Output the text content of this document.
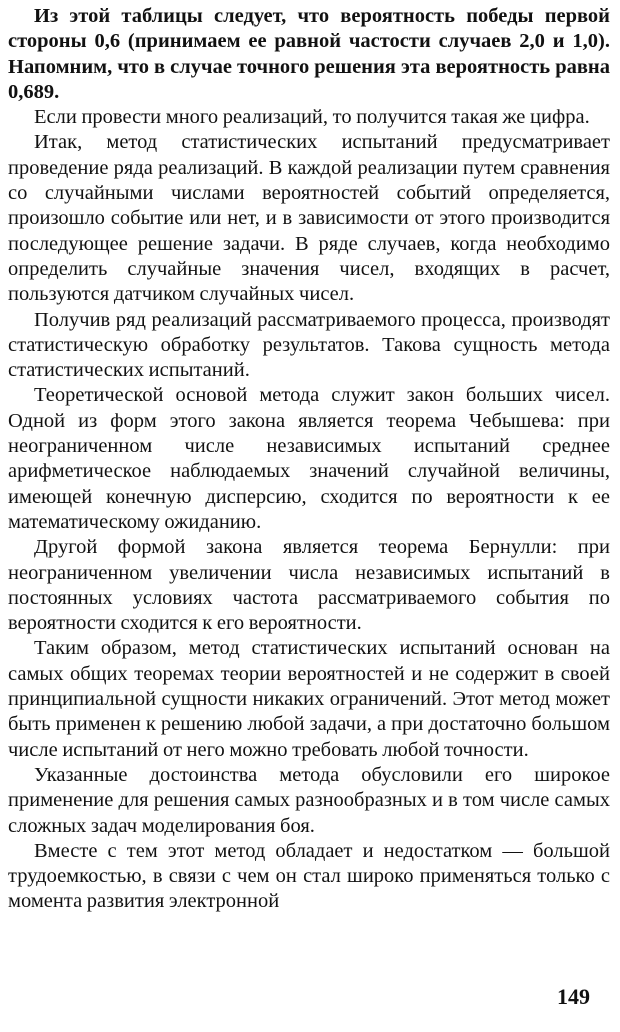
Из этой таблицы следует, что вероятность победы первой стороны 0,6 (принимаем ее равной частости случаев 2,0 и 1,0). Напомним, что в случае точного решения эта вероятность равна 0,689.

Если провести много реализаций, то получится такая же цифра.

Итак, метод статистических испытаний предусматривает проведение ряда реализаций. В каждой реализации путем сравнения со случайными числами вероятностей событий определяется, произошло событие или нет, и в зависимости от этого производится последующее решение задачи. В ряде случаев, когда необходимо определить случайные значения чисел, входящих в расчет, пользуются датчиком случайных чисел.

Получив ряд реализаций рассматриваемого процесса, производят статистическую обработку результатов. Такова сущность метода статистических испытаний.

Теоретической основой метода служит закон больших чисел. Одной из форм этого закона является теорема Чебышева: при неограниченном числе независимых испытаний среднее арифметическое наблюдаемых значений случайной величины, имеющей конечную дисперсию, сходится по вероятности к ее математическому ожиданию.

Другой формой закона является теорема Бернулли: при неограниченном увеличении числа независимых испытаний в постоянных условиях частота рассматриваемого события по вероятности сходится к его вероятности.

Таким образом, метод статистических испытаний основан на самых общих теоремах теории вероятностей и не содержит в своей принципиальной сущности никаких ограничений. Этот метод может быть применен к решению любой задачи, а при достаточно большом числе испытаний от него можно требовать любой точности.

Указанные достоинства метода обусловили его широкое применение для решения самых разнообразных и в том числе самых сложных задач моделирования боя.

Вместе с тем этот метод обладает и недостатком — большой трудоемкостью, в связи с чем он стал широко применяться только с момента развития электронной

149
